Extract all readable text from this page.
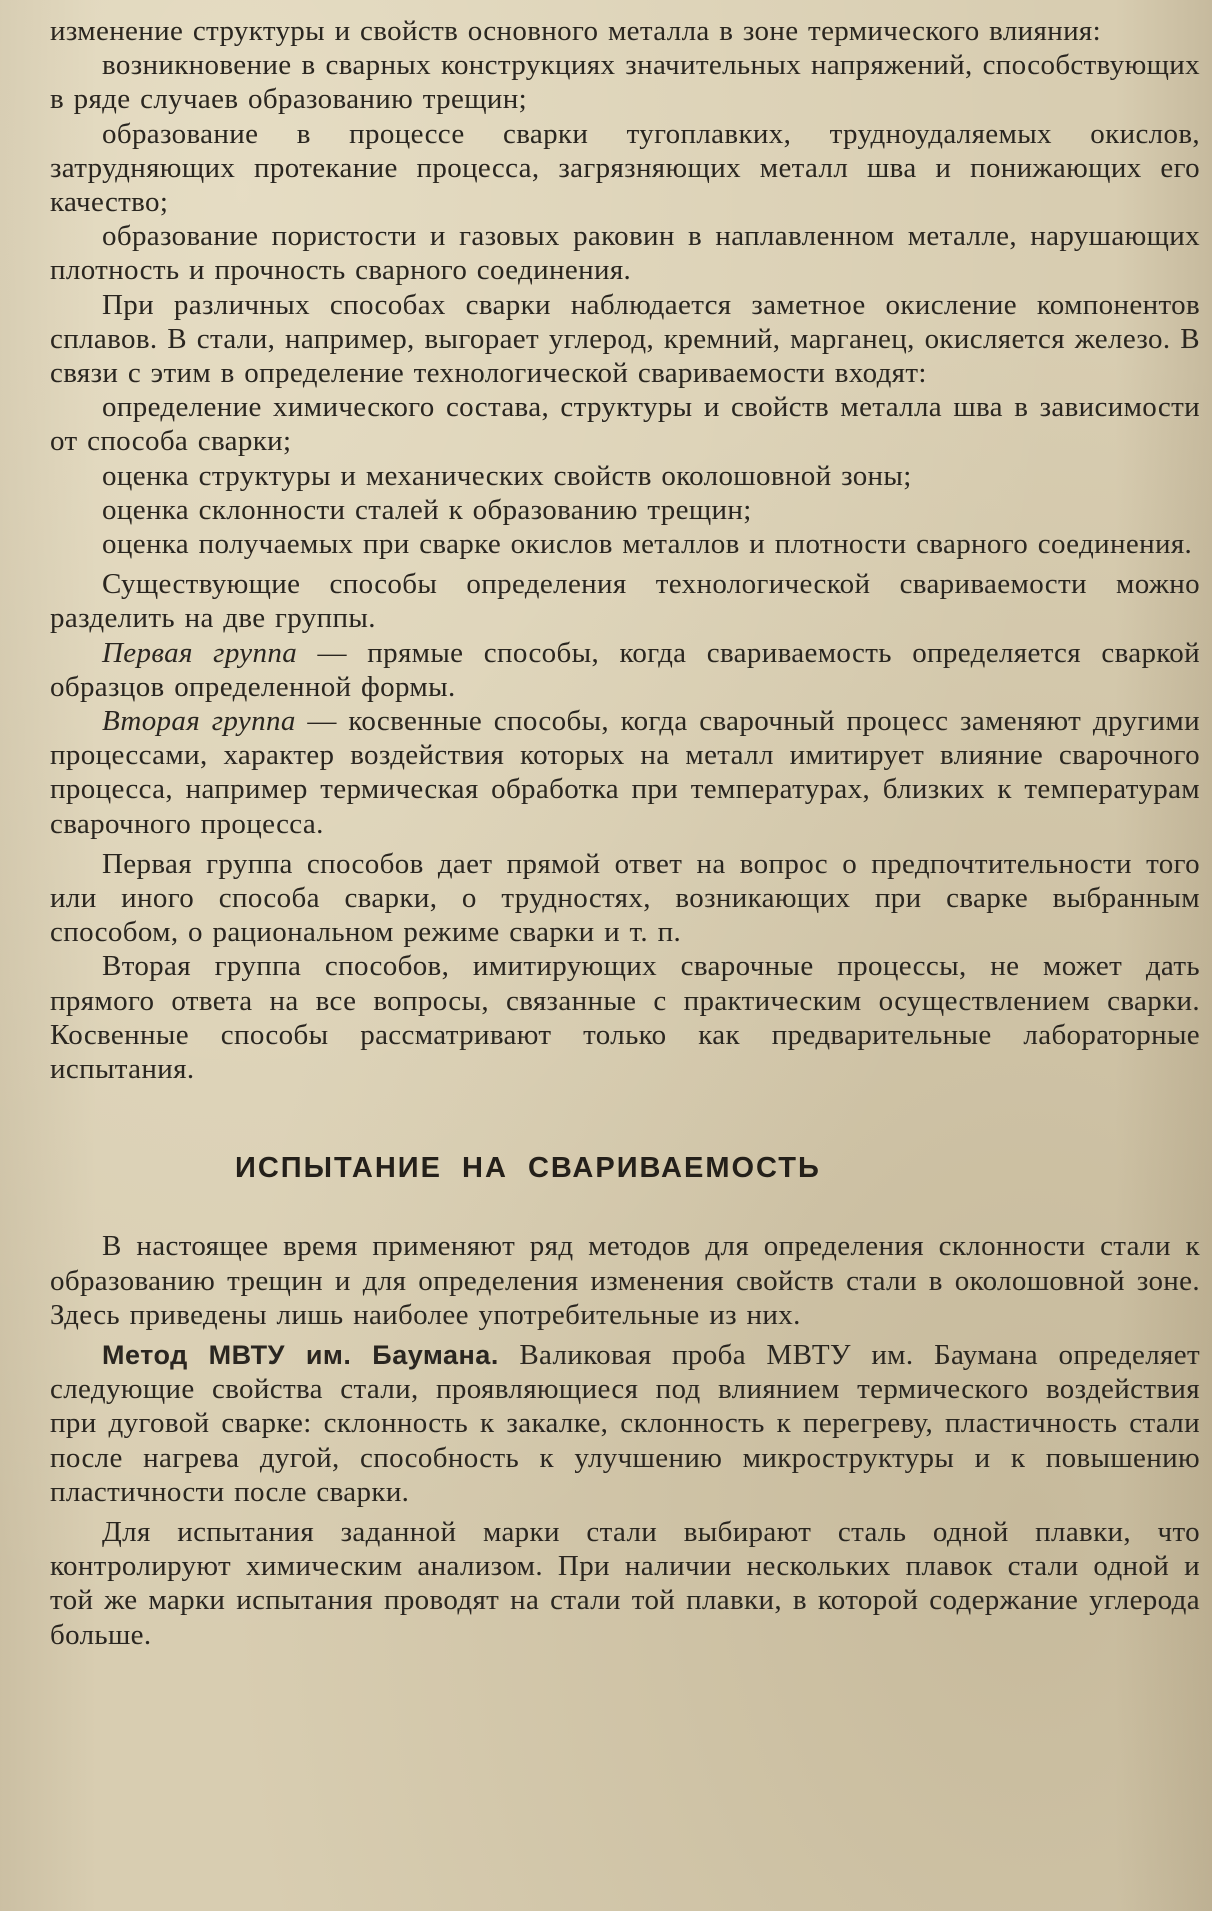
изменение структуры и свойств основного металла в зоне термического влияния:

возникновение в сварных конструкциях значительных напряжений, способствующих в ряде случаев образованию трещин;

образование в процессе сварки тугоплавких, трудноудаляемых окислов, затрудняющих протекание процесса, загрязняющих металл шва и понижающих его качество;

образование пористости и газовых раковин в наплавленном металле, нарушающих плотность и прочность сварного соединения.

При различных способах сварки наблюдается заметное окисление компонентов сплавов. В стали, например, выгорает углерод, кремний, марганец, окисляется железо. В связи с этим в определение технологической свариваемости входят:

определение химического состава, структуры и свойств металла шва в зависимости от способа сварки;

оценка структуры и механических свойств околошовной зоны;

оценка склонности сталей к образованию трещин;

оценка получаемых при сварке окислов металлов и плотности сварного соединения.

Существующие способы определения технологической свариваемости можно разделить на две группы.

Первая группа — прямые способы, когда свариваемость определяется сваркой образцов определенной формы.

Вторая группа — косвенные способы, когда сварочный процесс заменяют другими процессами, характер воздействия которых на металл имитирует влияние сварочного процесса, например термическая обработка при температурах, близких к температурам сварочного процесса.

Первая группа способов дает прямой ответ на вопрос о предпочтительности того или иного способа сварки, о трудностях, возникающих при сварке выбранным способом, о рациональном режиме сварки и т. п.

Вторая группа способов, имитирующих сварочные процессы, не может дать прямого ответа на все вопросы, связанные с практическим осуществлением сварки. Косвенные способы рассматривают только как предварительные лабораторные испытания.

ИСПЫТАНИЕ НА СВАРИВАЕМОСТЬ

В настоящее время применяют ряд методов для определения склонности стали к образованию трещин и для определения изменения свойств стали в околошовной зоне. Здесь приведены лишь наиболее употребительные из них.

Метод МВТУ им. Баумана. Валиковая проба МВТУ им. Баумана определяет следующие свойства стали, проявляющиеся под влиянием термического воздействия при дуговой сварке: склонность к закалке, склонность к перегреву, пластичность стали после нагрева дугой, способность к улучшению микроструктуры и к повышению пластичности после сварки.

Для испытания заданной марки стали выбирают сталь одной плавки, что контролируют химическим анализом. При наличии нескольких плавок стали одной и той же марки испытания проводят на стали той плавки, в которой содержание углерода больше.
